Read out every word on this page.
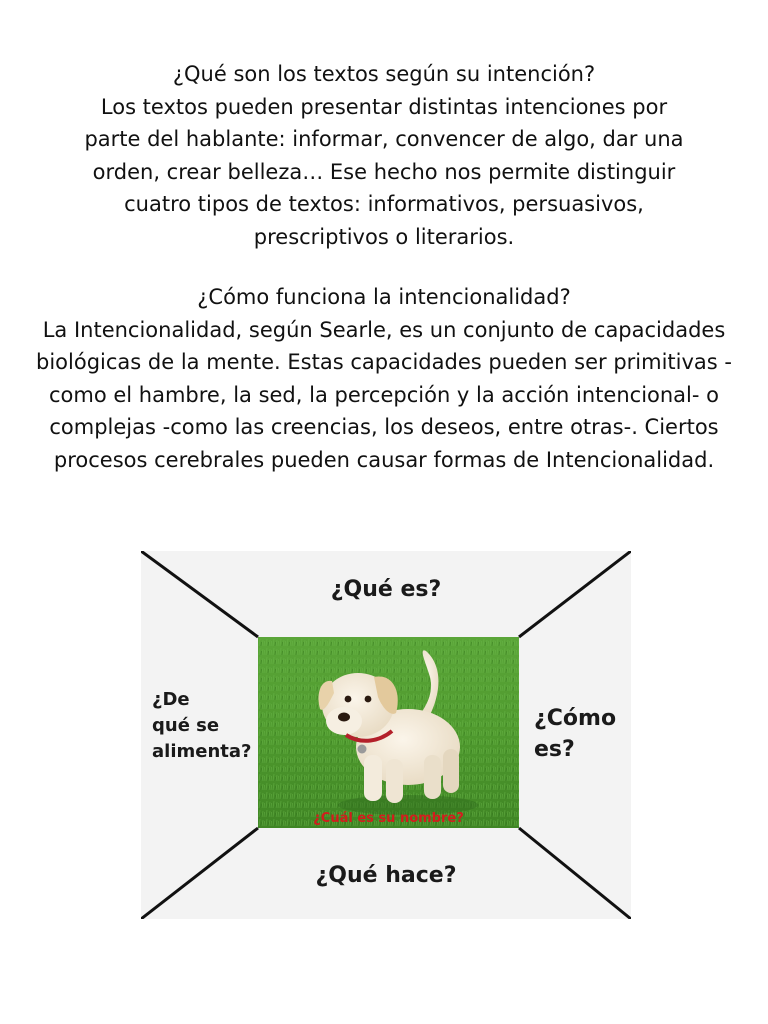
¿Qué son los textos según su intención?
Los textos pueden presentar distintas intenciones por
parte del hablante: informar, convencer de algo, dar una
orden, crear belleza… Ese hecho nos permite distinguir
cuatro tipos de textos: informativos, persuasivos,
prescriptivos o literarios.
¿Cómo funciona la intencionalidad?
La Intencionalidad, según Searle, es un conjunto de capacidades
biológicas de la mente. Estas capacidades pueden ser primitivas -
como el hambre, la sed, la percepción y la acción intencional- o
complejas -como las creencias, los deseos, entre otras-. Ciertos
procesos cerebrales pueden causar formas de Intencionalidad.
¿Qué es?
¿Qué hace?
¿De
qué se
alimenta?
¿Cómo
es?
¿Cuál es su nombre?
